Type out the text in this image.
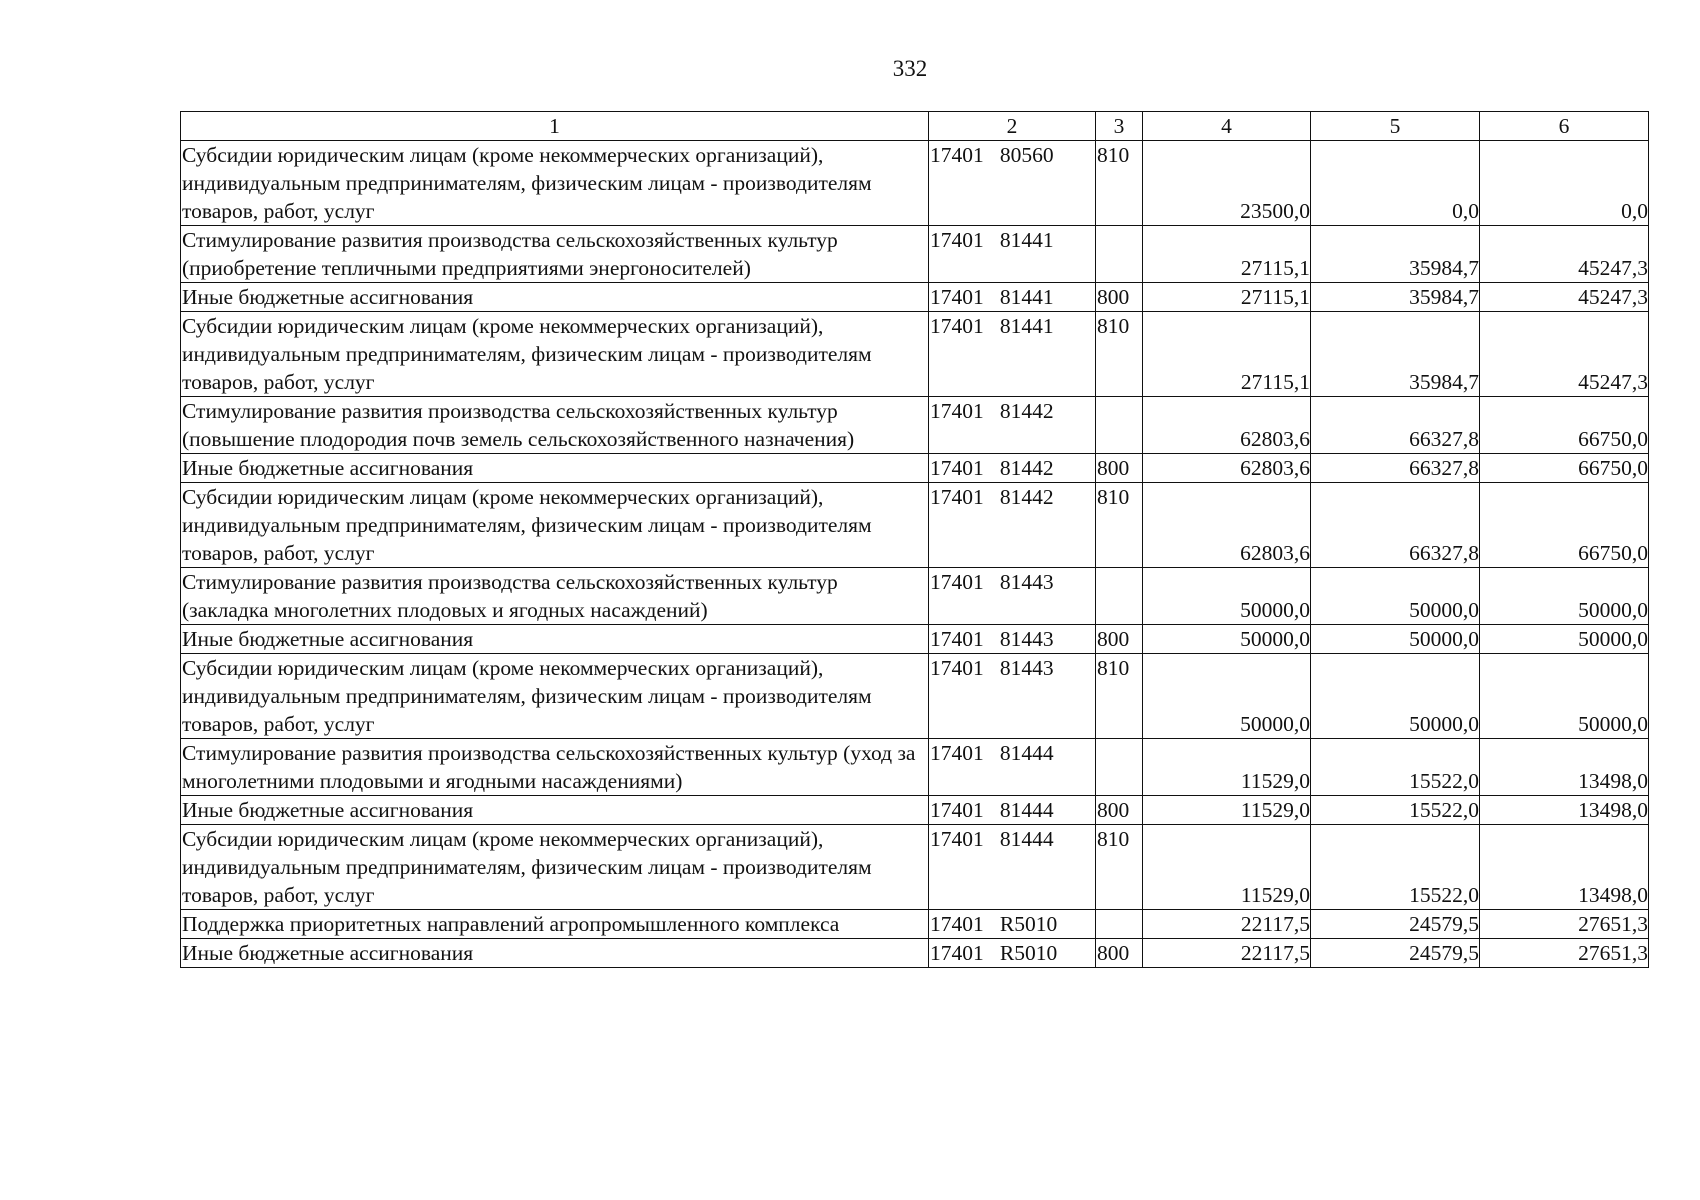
332
1	2	3	4	5	6
Субсидии юридическим лицам (кроме некоммерческих организаций), индивидуальным предпринимателям, физическим лицам - производителям товаров, работ, услуг	17401   80560	810	23500,0	0,0	0,0
Стимулирование развития производства сельскохозяйственных культур (приобретение тепличными предприятиями энергоносителей)	17401   81441		27115,1	35984,7	45247,3
Иные бюджетные ассигнования	17401   81441	800	27115,1	35984,7	45247,3
Субсидии юридическим лицам (кроме некоммерческих организаций), индивидуальным предпринимателям, физическим лицам - производителям товаров, работ, услуг	17401   81441	810	27115,1	35984,7	45247,3
Стимулирование развития производства сельскохозяйственных культур (повышение плодородия почв земель сельскохозяйственного назначения)	17401   81442		62803,6	66327,8	66750,0
Иные бюджетные ассигнования	17401   81442	800	62803,6	66327,8	66750,0
Субсидии юридическим лицам (кроме некоммерческих организаций), индивидуальным предпринимателям, физическим лицам - производителям товаров, работ, услуг	17401   81442	810	62803,6	66327,8	66750,0
Стимулирование развития производства сельскохозяйственных культур (закладка многолетних плодовых и ягодных насаждений)	17401   81443		50000,0	50000,0	50000,0
Иные бюджетные ассигнования	17401   81443	800	50000,0	50000,0	50000,0
Субсидии юридическим лицам (кроме некоммерческих организаций), индивидуальным предпринимателям, физическим лицам - производителям товаров, работ, услуг	17401   81443	810	50000,0	50000,0	50000,0
Стимулирование развития производства сельскохозяйственных культур (уход за многолетними плодовыми и ягодными насаждениями)	17401   81444		11529,0	15522,0	13498,0
Иные бюджетные ассигнования	17401   81444	800	11529,0	15522,0	13498,0
Субсидии юридическим лицам (кроме некоммерческих организаций), индивидуальным предпринимателям, физическим лицам - производителям товаров, работ, услуг	17401   81444	810	11529,0	15522,0	13498,0
Поддержка приоритетных направлений агропромышленного комплекса	17401   R5010		22117,5	24579,5	27651,3
Иные бюджетные ассигнования	17401   R5010	800	22117,5	24579,5	27651,3
